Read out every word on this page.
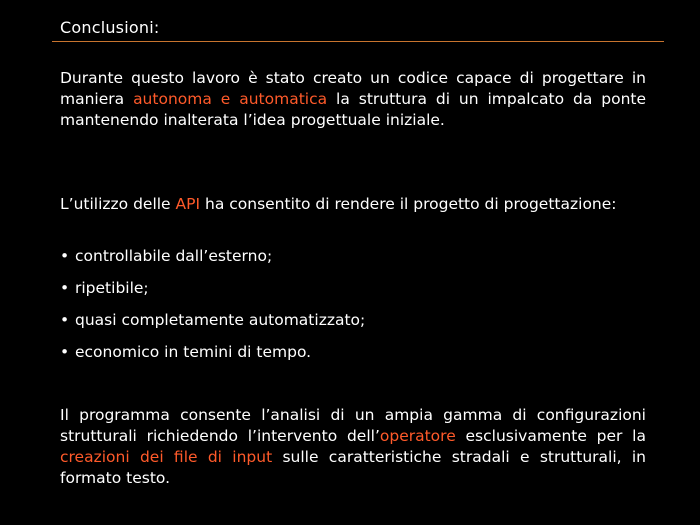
Conclusioni:
Durante questo lavoro è stato creato un codice capace di progettare in maniera autonoma e automatica la struttura di un impalcato da ponte mantenendo inalterata l’idea progettuale iniziale.
L’utilizzo delle API ha consentito di rendere il progetto di progettazione:
• controllabile dall’esterno;
• ripetibile;
• quasi completamente automatizzato;
• economico in temini di tempo.
Il programma consente l’analisi di un ampia gamma di configurazioni strutturali richiedendo l’intervento dell’operatore esclusivamente per la creazioni dei file di input sulle caratteristiche stradali e strutturali, in formato testo.
